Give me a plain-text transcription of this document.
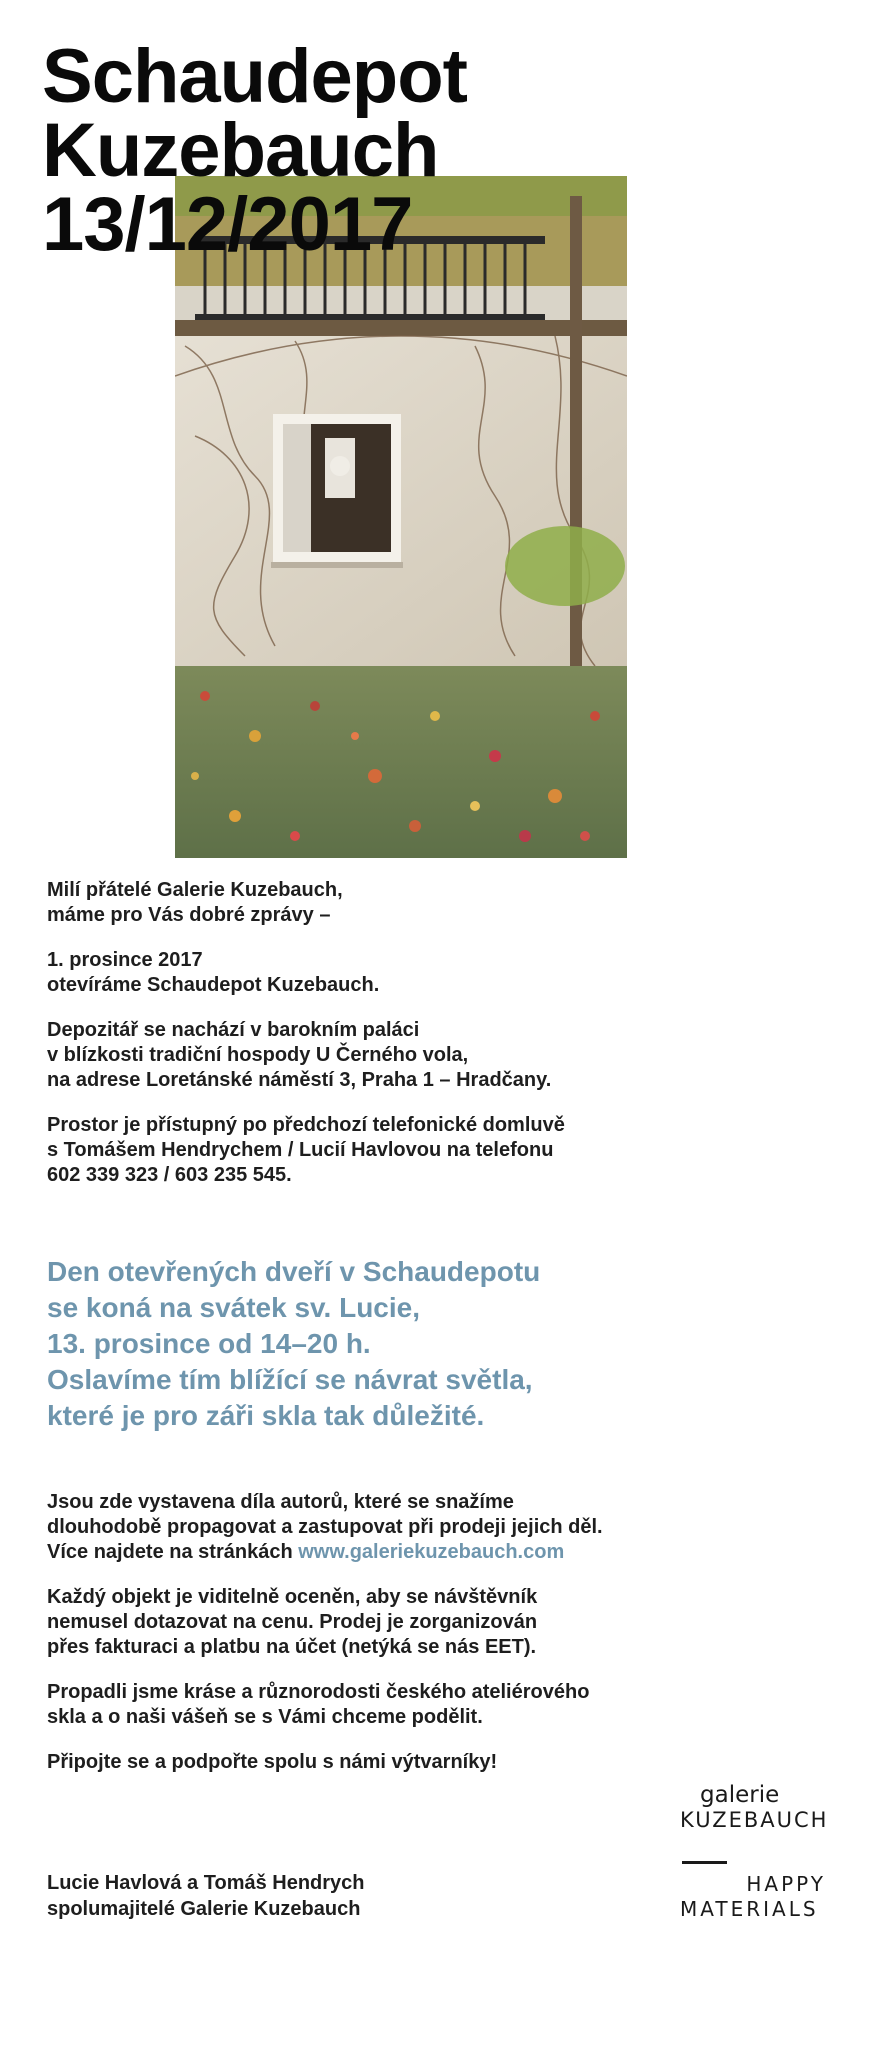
Schaudepot
Kuzebauch
13/12/2017

Milí přátelé Galerie Kuzebauch,
máme pro Vás dobré zprávy –

1. prosince 2017
otevíráme Schaudepot Kuzebauch.

Depozitář se nachází v barokním paláci
v blízkosti tradiční hospody U Černého vola,
na adrese Loretánské náměstí 3, Praha 1 – Hradčany.

Prostor je přístupný po předchozí telefonické domluvě
s Tomášem Hendrychem / Lucií Havlovou na telefonu
602 339 323 / 603 235 545.

Den otevřených dveří v Schaudepotu
se koná na svátek sv. Lucie,
13. prosince od 14–20 h.
Oslavíme tím blížící se návrat světla,
které je pro záři skla tak důležité.

Jsou zde vystavena díla autorů, které se snažíme
dlouhodobě propagovat a zastupovat při prodeji jejich děl.
Více najdete na stránkách www.galeriekuzebauch.com

Každý objekt je viditelně oceněn, aby se návštěvník
nemusel dotazovat na cenu. Prodej je zorganizován
přes fakturaci a platbu na účet (netýká se nás EET).

Propadli jsme kráse a různorodosti českého ateliérového
skla a o naši vášeň se s Vámi chceme podělit.

Připojte se a podpořte spolu s námi výtvarníky!

Lucie Havlová a Tomáš Hendrych
spolumajitelé Galerie Kuzebauch
galerie
KUZEBAUCH
HAPPY
MATERIALS
